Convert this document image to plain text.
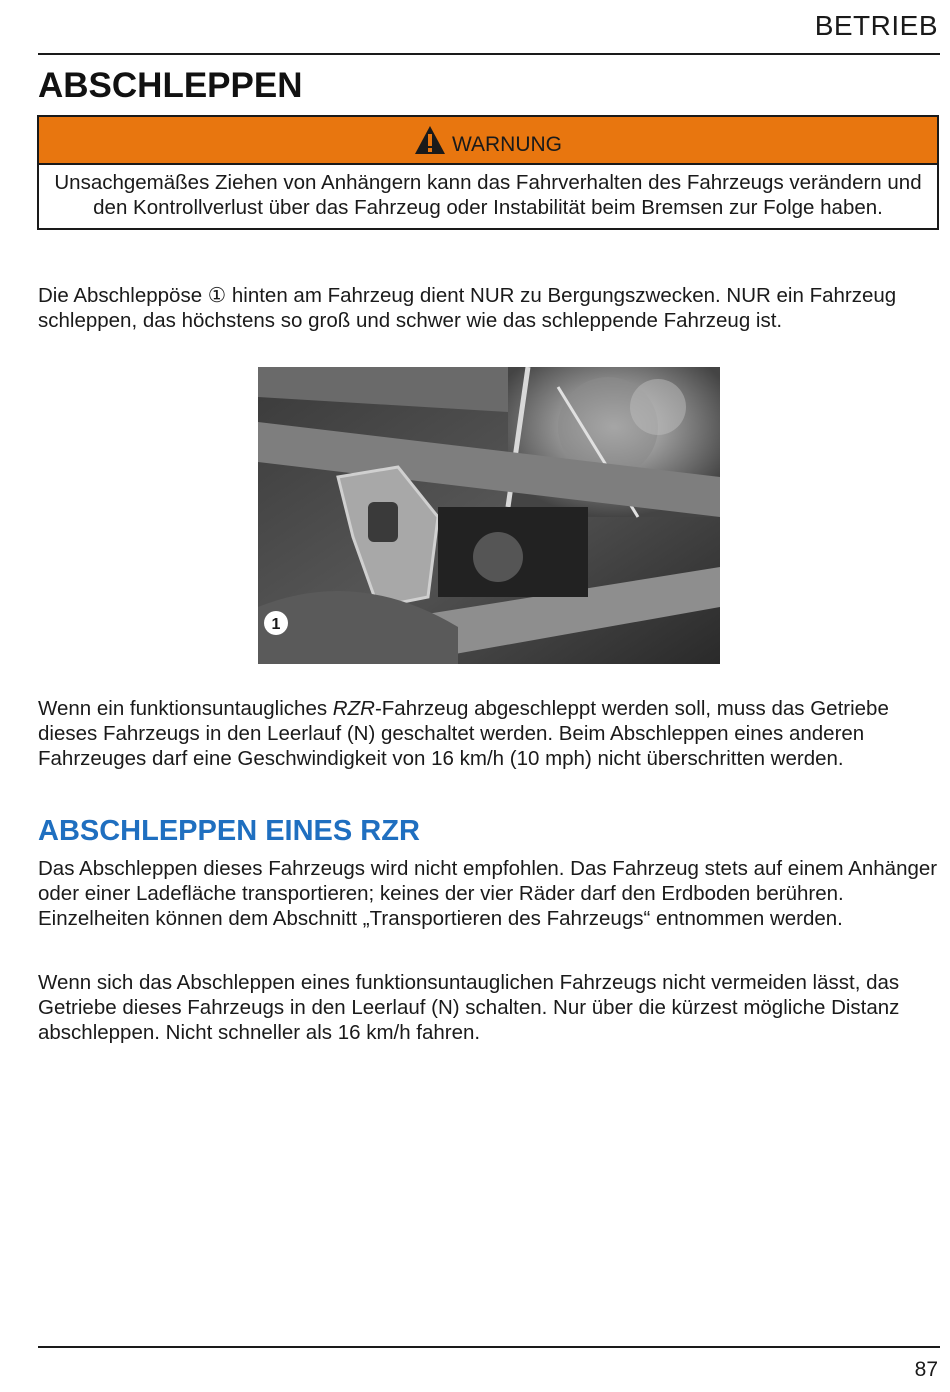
BETRIEB
ABSCHLEPPEN
WARNUNG
Unsachgemäßes Ziehen von Anhängern kann das Fahrverhalten des Fahrzeugs verändern und den Kontrollverlust über das Fahrzeug oder Instabilität beim Bremsen zur Folge haben.

Die Abschleppöse ① hinten am Fahrzeug dient NUR zu Bergungszwecken. NUR ein Fahrzeug schleppen, das höchstens so groß und schwer wie das schleppende Fahrzeug ist.

1

Wenn ein funktionsuntaugliches RZR-Fahrzeug abgeschleppt werden soll, muss das Getriebe dieses Fahrzeugs in den Leerlauf (N) geschaltet werden. Beim Abschleppen eines anderen Fahrzeuges darf eine Geschwindigkeit von 16 km/h (10 mph) nicht überschritten werden.

ABSCHLEPPEN EINES RZR

Das Abschleppen dieses Fahrzeugs wird nicht empfohlen. Das Fahrzeug stets auf einem Anhänger oder einer Ladefläche transportieren; keines der vier Räder darf den Erdboden berühren. Einzelheiten können dem Abschnitt „Transportieren des Fahrzeugs“ entnommen werden.

Wenn sich das Abschleppen eines funktionsuntauglichen Fahrzeugs nicht vermeiden lässt, das Getriebe dieses Fahrzeugs in den Leerlauf (N) schalten. Nur über die kürzest mögliche Distanz abschleppen. Nicht schneller als 16 km/h fahren.

87
